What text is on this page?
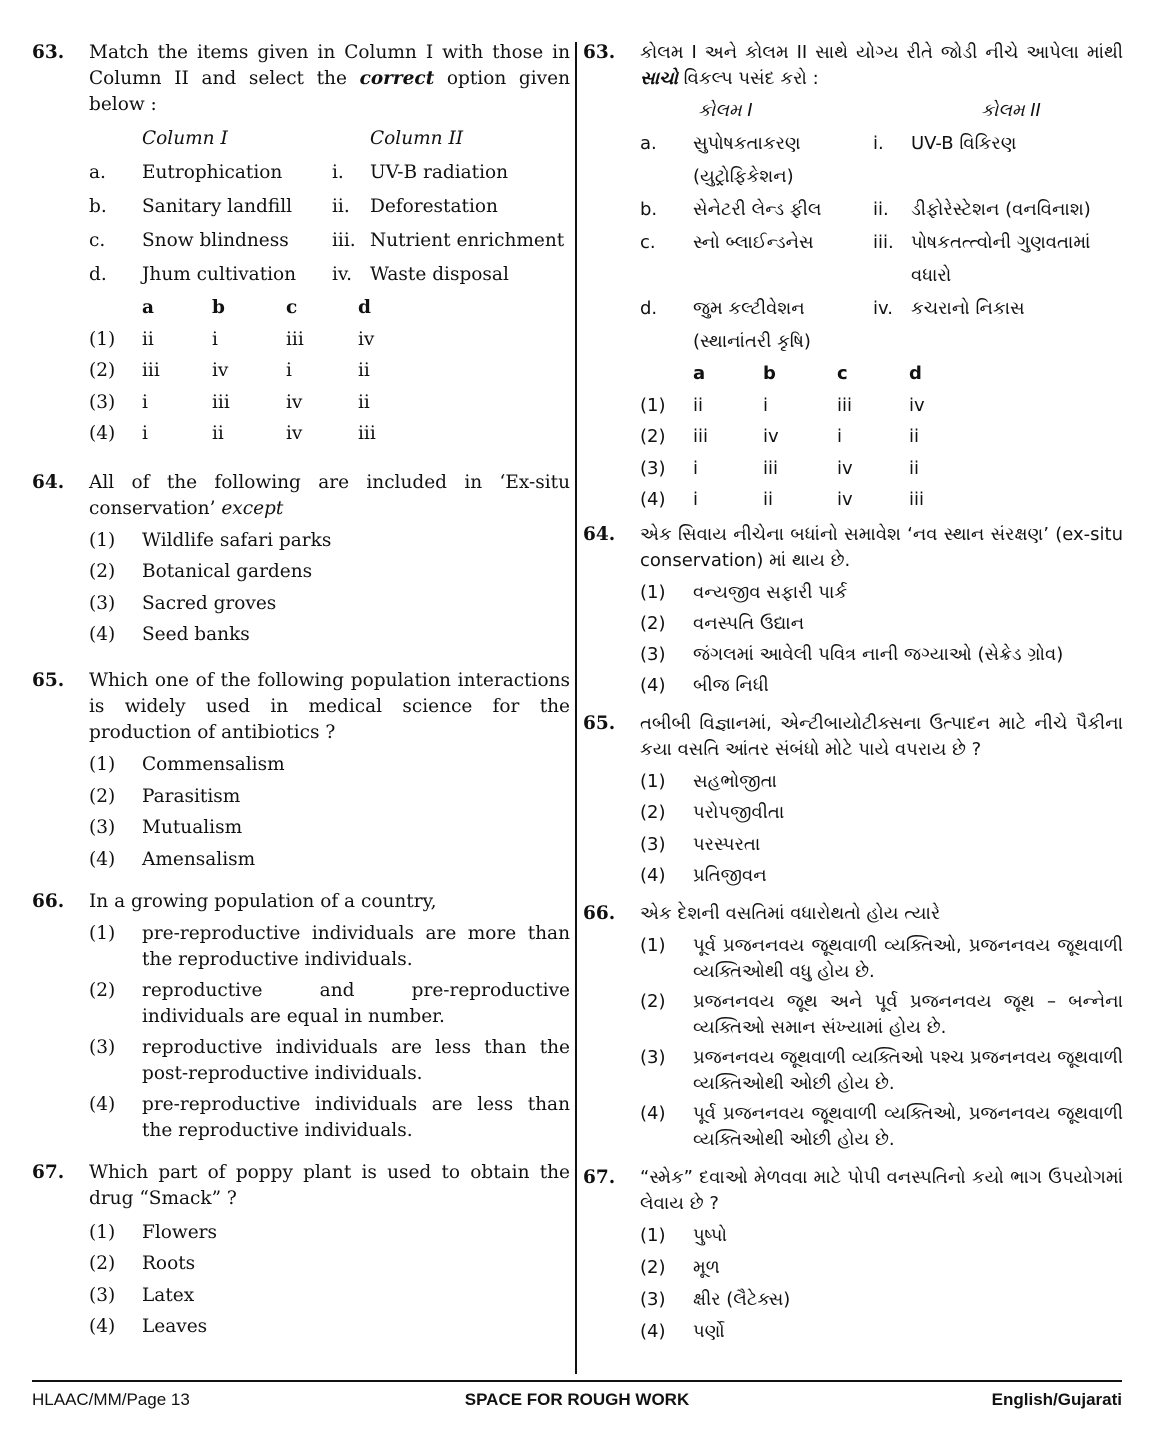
63. Match the items given in Column I with those in Column II and select the correct option given below :
	Column I		Column II
a.	Eutrophication	i.	UV-B radiation
b.	Sanitary landfill	ii.	Deforestation
c.	Snow blindness	iii.	Nutrient enrichment
d.	Jhum cultivation	iv.	Waste disposal
	a	b	c	d
(1)	ii	i	iii	iv
(2)	iii	iv	i	ii
(3)	i	iii	iv	ii
(4)	i	ii	iv	iii
64. All of the following are included in ‘Ex-situ conservation’ except
(1) Wildlife safari parks
(2) Botanical gardens
(3) Sacred groves
(4) Seed banks
65. Which one of the following population interactions is widely used in medical science for the production of antibiotics ?
(1) Commensalism
(2) Parasitism
(3) Mutualism
(4) Amensalism
66. In a growing population of a country,
(1) pre-reproductive individuals are more than the reproductive individuals.
(2) reproductive and pre-reproductive individuals are equal in number.
(3) reproductive individuals are less than the post-reproductive individuals.
(4) pre-reproductive individuals are less than the reproductive individuals.
67. Which part of poppy plant is used to obtain the drug “Smack” ?
(1) Flowers
(2) Roots
(3) Latex
(4) Leaves
63. કોલમ I અને કોલમ II સાથે યોગ્ય રીતે જોડી નીચે આપેલા માંથી સાચો વિકલ્પ પસંદ કરો :
	કોલમ I		કોલમ II
a.	સુપોષકતાકરણ (યુટ્રોફિકેશન)	i.	UV-B વિકિરણ
b.	સેનેટરી લેન્ડ ફીલ	ii.	ડીફોરેસ્ટેશન (વનવિનાશ)
c.	સ્નો બ્લાઈન્ડનેસ	iii.	પોષકતત્ત્વોની ગુણવતામાં વધારો
d.	જુમ કલ્ટીવેશન (સ્થાનાંતરી કૃષિ)	iv.	કચરાનો નિકાસ
	a	b	c	d
(1)	ii	i	iii	iv
(2)	iii	iv	i	ii
(3)	i	iii	iv	ii
(4)	i	ii	iv	iii
64. એક સિવાય નીચેના બધાંનો સમાવેશ ‘નવ સ્થાન સંરક્ષણ’ (ex-situ conservation) માં થાય છે.
(1) વન્યજીવ સફારી પાર્ક
(2) વનસ્પતિ ઉદ્યાન
(3) જંગલમાં આવેલી પવિત્ર નાની જગ્યાઓ (સેક્રેડ ગ્રોવ)
(4) બીજ નિધી
65. તબીબી વિજ્ઞાનમાં, એન્ટીબાયોટીક્સના ઉત્પાદન માટે નીચે પૈકીના કયા વસતિ આંતર સંબંધો મોટે પાયે વપરાય છે ?
(1) સહભોજીતા
(2) પરોપજીવીતા
(3) પરસ્પરતા
(4) પ્રતિજીવન
66. એક દેશની વસતિમાં વધારોથતો હોય ત્યારે
(1) પૂર્વ પ્રજનનવય જૂથવાળી વ્યક્તિઓ, પ્રજનનવય જૂથવાળી વ્યક્તિઓથી વધુ હોય છે.
(2) પ્રજનનવય જૂથ અને પૂર્વ પ્રજનનવય જૂથ – બન્નેના વ્યક્તિઓ સમાન સંખ્યામાં હોય છે.
(3) પ્રજનનવય જૂથવાળી વ્યક્તિઓ પશ્ચ પ્રજનનવય જૂથવાળી વ્યક્તિઓથી ઓછી હોય છે.
(4) પૂર્વ પ્રજનનવય જૂથવાળી વ્યક્તિઓ, પ્રજનનવય જૂથવાળી વ્યક્તિઓથી ઓછી હોય છે.
67. “સ્મેક” દવાઓ મેળવવા માટે પોપી વનસ્પતિનો કયો ભાગ ઉપયોગમાં લેવાય છે ?
(1) પુષ્પો
(2) મૂળ
(3) ક્ષીર (લૈટેક્સ)
(4) પર્ણો
HLAAC/MM/Page 13	SPACE FOR ROUGH WORK	English/Gujarati
